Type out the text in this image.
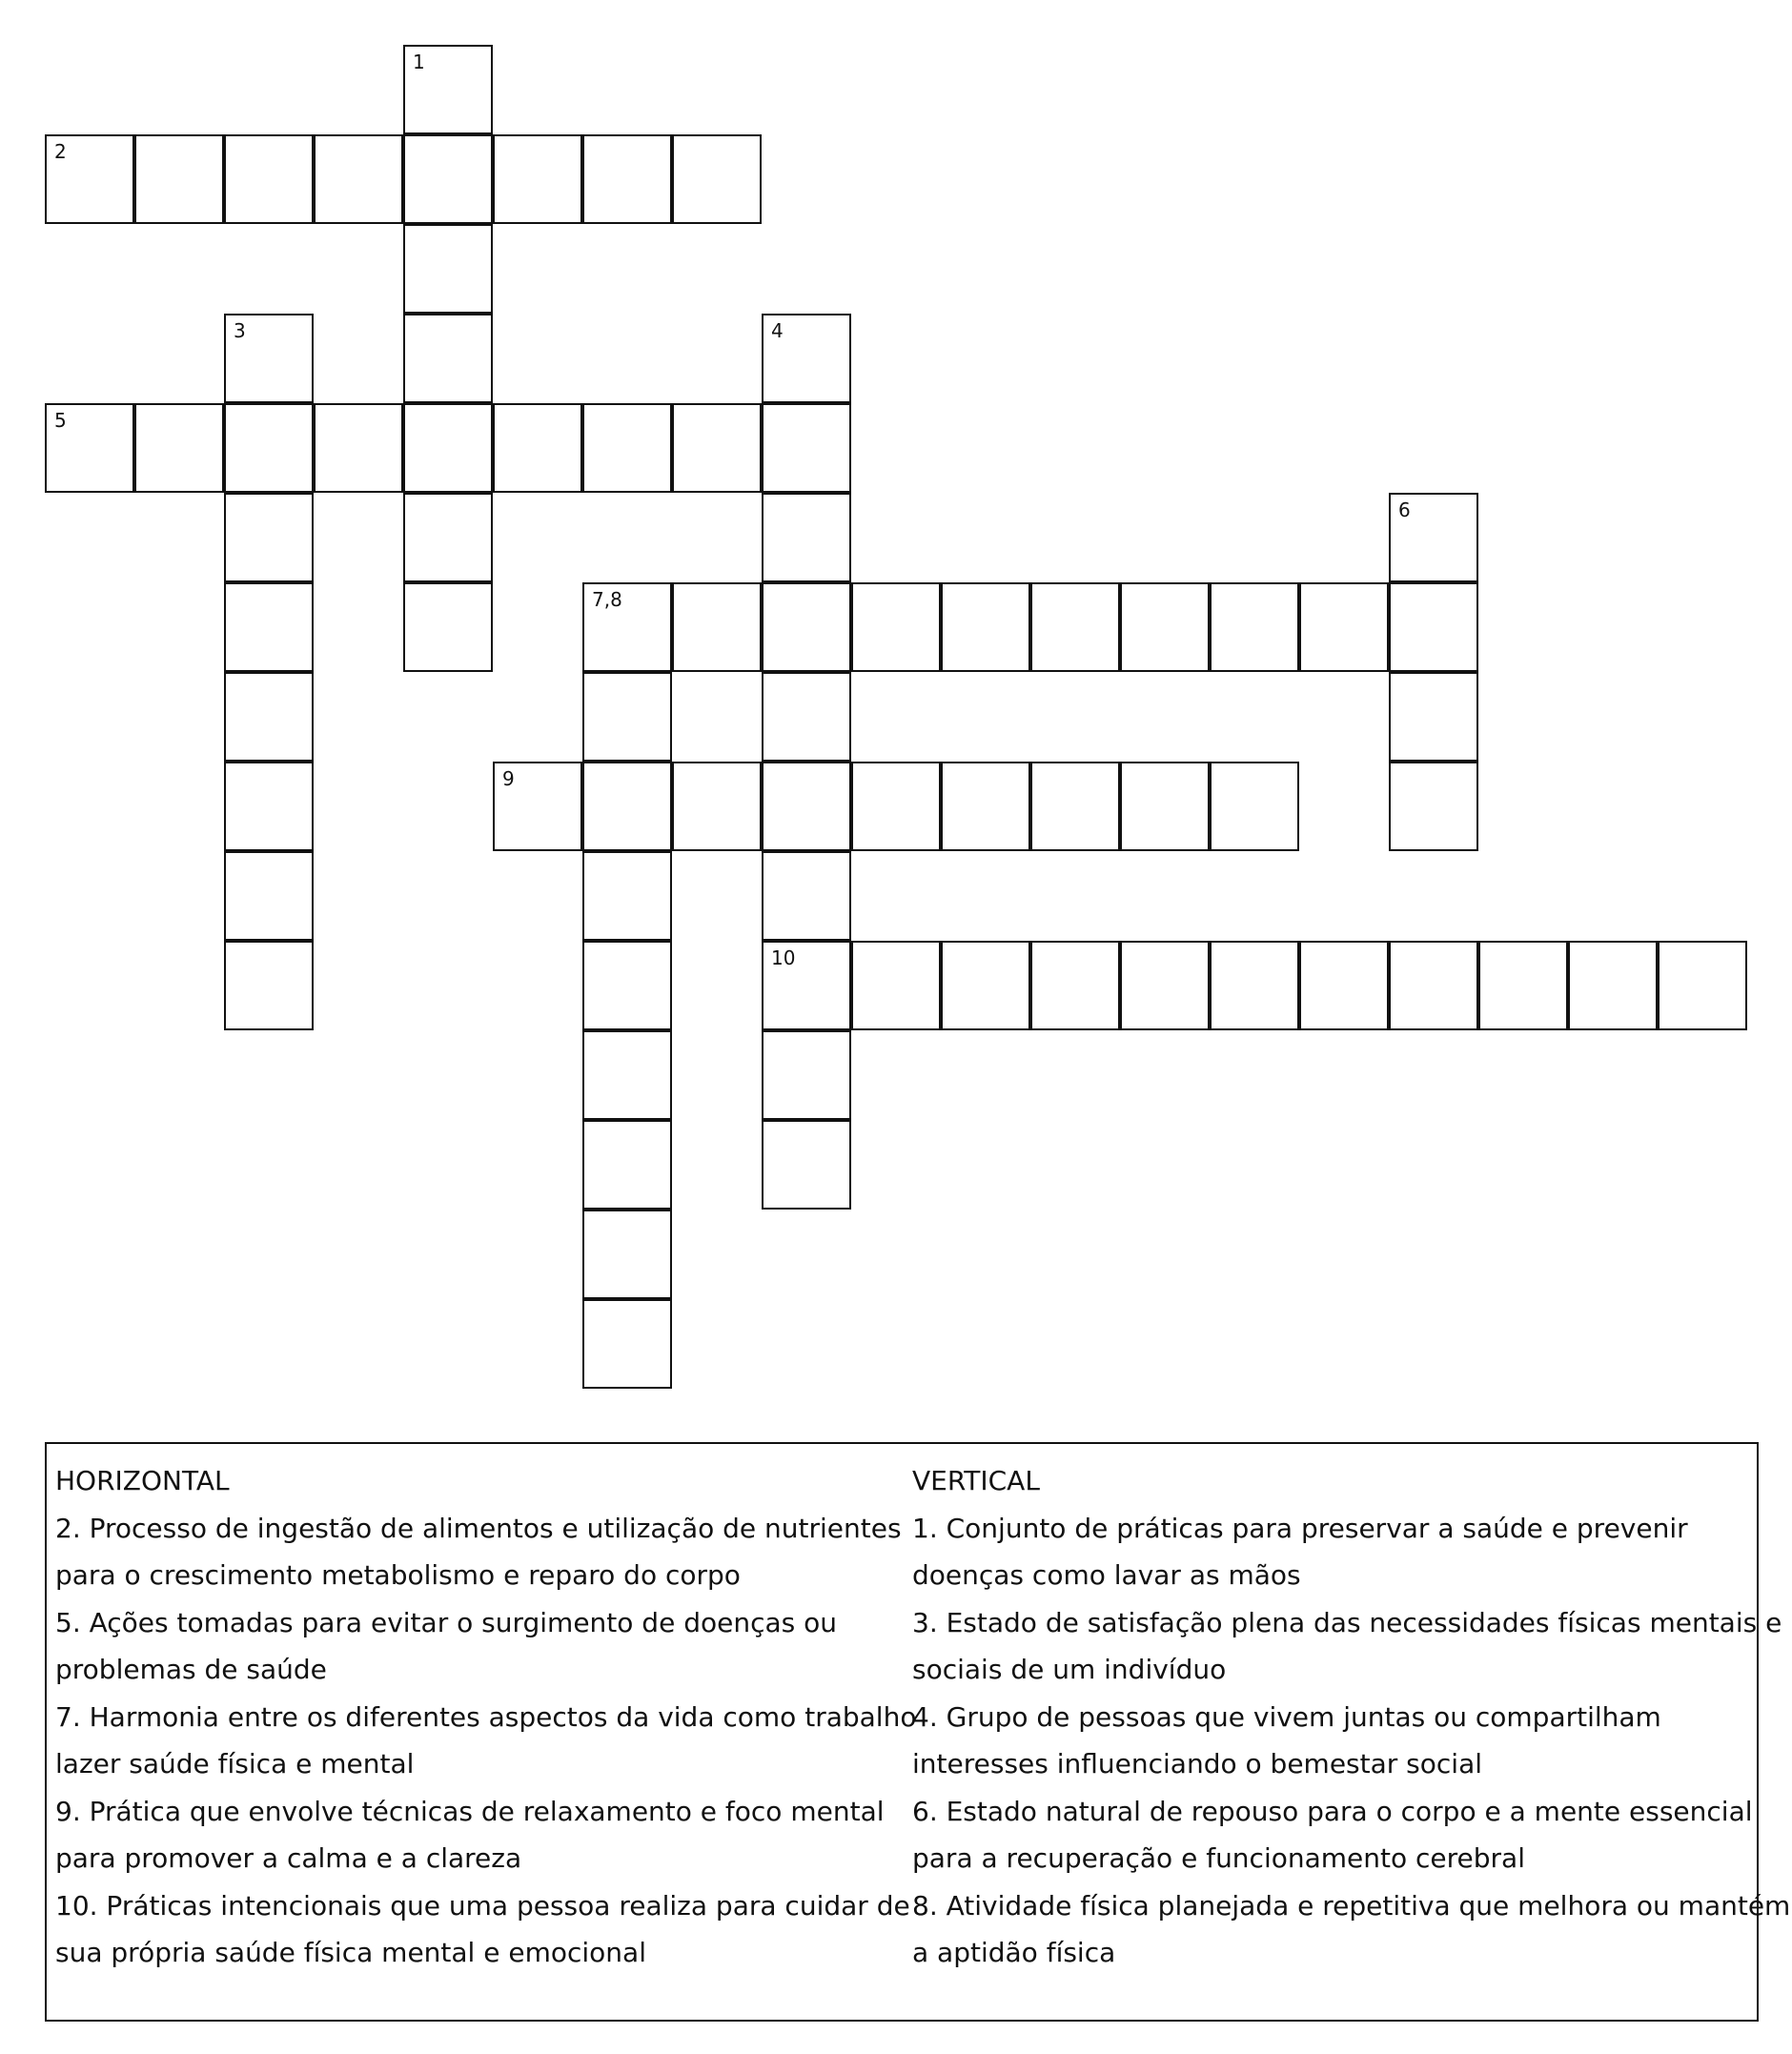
1
2
3	4
10
5
6
7,8
9
HORIZONTAL
2. Processo de ingestão de alimentos e utilização de nutrientes
para o crescimento metabolismo e reparo do corpo
5. Ações tomadas para evitar o surgimento de doenças ou
problemas de saúde
7. Harmonia entre os diferentes aspectos da vida como trabalho
lazer saúde física e mental
9. Prática que envolve técnicas de relaxamento e foco mental
para promover a calma e a clareza
10. Práticas intencionais que uma pessoa realiza para cuidar de
sua própria saúde física mental e emocional
VERTICAL
1. Conjunto de práticas para preservar a saúde e prevenir
doenças como lavar as mãos
3. Estado de satisfação plena das necessidades físicas mentais e
sociais de um indivíduo
4. Grupo de pessoas que vivem juntas ou compartilham
interesses influenciando o bemestar social
6. Estado natural de repouso para o corpo e a mente essencial
para a recuperação e funcionamento cerebral
8. Atividade física planejada e repetitiva que melhora ou mantém
a aptidão física
